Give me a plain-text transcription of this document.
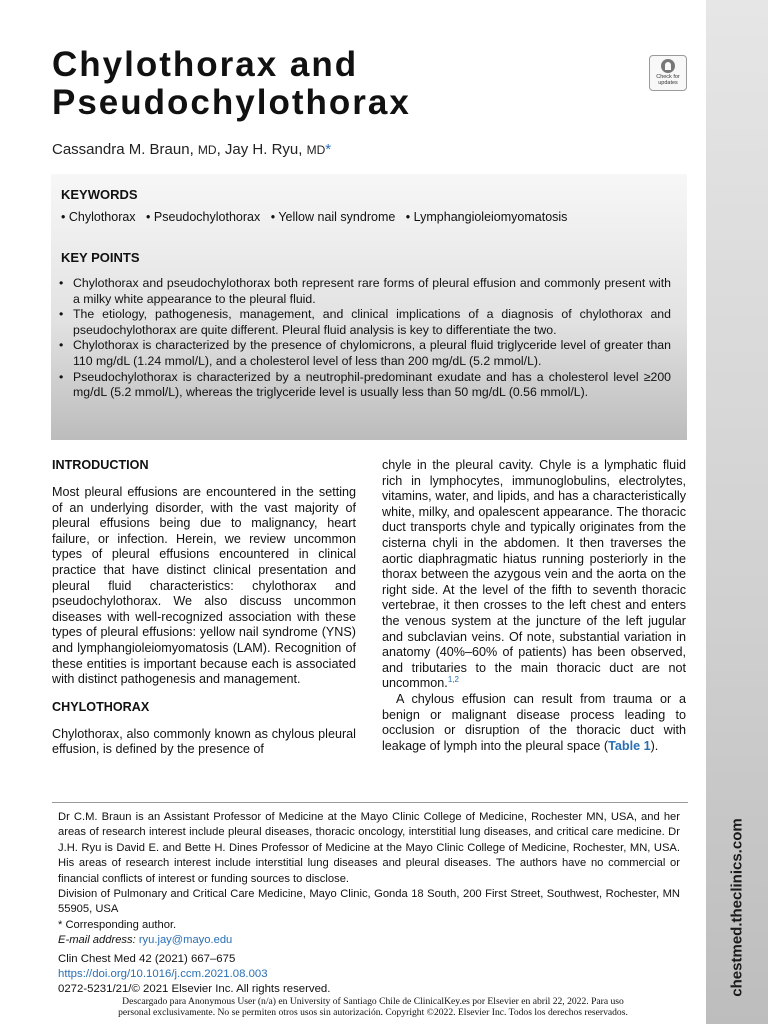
chestmed.theclinics.com
Chylothorax and
Pseudochylothorax
Check for
updates
Cassandra M. Braun, MD, Jay H. Ryu, MD*
KEYWORDS
• Chylothorax • Pseudochylothorax • Yellow nail syndrome • Lymphangioleiomyomatosis
KEY POINTS
• Chylothorax and pseudochylothorax both represent rare forms of pleural effusion and commonly present with a milky white appearance to the pleural fluid.
• The etiology, pathogenesis, management, and clinical implications of a diagnosis of chylothorax and pseudochylothorax are quite different. Pleural fluid analysis is key to differentiate the two.
• Chylothorax is characterized by the presence of chylomicrons, a pleural fluid triglyceride level of greater than 110 mg/dL (1.24 mmol/L), and a cholesterol level of less than 200 mg/dL (5.2 mmol/L).
• Pseudochylothorax is characterized by a neutrophil-predominant exudate and has a cholesterol level ≥200 mg/dL (5.2 mmol/L), whereas the triglyceride level is usually less than 50 mg/dL (0.56 mmol/L).
INTRODUCTION

Most pleural effusions are encountered in the setting of an underlying disorder, with the vast majority of pleural effusions being due to malignancy, heart failure, or infection. Herein, we review uncommon types of pleural effusions encountered in clinical practice that have distinct clinical presentation and pleural fluid characteristics: chylothorax and pseudochylothorax. We also discuss uncommon diseases with well-recognized association with these types of pleural effusions: yellow nail syndrome (YNS) and lymphangioleiomyomatosis (LAM). Recognition of these entities is important because each is associated with distinct pathogenesis and management.

CHYLOTHORAX

Chylothorax, also commonly known as chylous pleural effusion, is defined by the presence of

chyle in the pleural cavity. Chyle is a lymphatic fluid rich in lymphocytes, immunoglobulins, electrolytes, vitamins, water, and lipids, and has a characteristically white, milky, and opalescent appearance. The thoracic duct transports chyle and typically originates from the cisterna chyli in the abdomen. It then traverses the aortic diaphragmatic hiatus running posteriorly in the thorax between the azygous vein and the aorta on the right side. At the level of the fifth to seventh thoracic vertebrae, it then crosses to the left chest and enters the venous system at the juncture of the left jugular and subclavian veins. Of note, substantial variation in anatomy (40%–60% of patients) has been observed, and tributaries to the main thoracic duct are not uncommon.$^{1,2}$

A chylous effusion can result from trauma or a benign or malignant disease process leading to occlusion or disruption of the thoracic duct with leakage of lymph into the pleural space (Table 1).

Dr C.M. Braun is an Assistant Professor of Medicine at the Mayo Clinic College of Medicine, Rochester MN, USA, and her areas of research interest include pleural diseases, thoracic oncology, interstitial lung diseases, and critical care medicine. Dr J.H. Ryu is David E. and Bette H. Dines Professor of Medicine at the Mayo Clinic College of Medicine, Rochester, MN, USA. His areas of research interest include interstitial lung diseases and pleural diseases. The authors have no commercial or financial conflicts of interest or funding sources to disclose.

Division of Pulmonary and Critical Care Medicine, Mayo Clinic, Gonda 18 South, 200 First Street, Southwest, Rochester, MN 55905, USA

* Corresponding author.

E-mail address: ryu.jay@mayo.edu

Clin Chest Med 42 (2021) 667–675

https://doi.org/10.1016/j.ccm.2021.08.003

0272-5231/21/© 2021 Elsevier Inc. All rights reserved.

Descargado para Anonymous User (n/a) en University of Santiago Chile de ClinicalKey.es por Elsevier en abril 22, 2022. Para uso

personal exclusivamente. No se permiten otros usos sin autorización. Copyright ©2022. Elsevier Inc. Todos los derechos reservados.
